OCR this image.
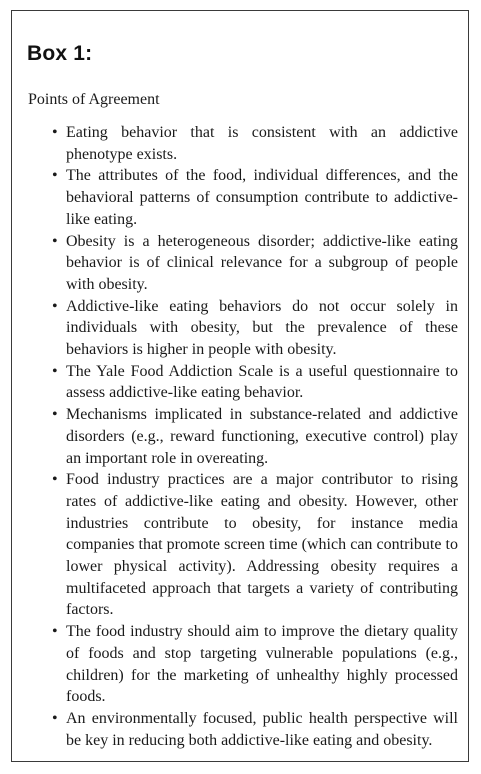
Box 1:

Points of Agreement

• Eating behavior that is consistent with an addictive phenotype exists.
• The attributes of the food, individual differences, and the behavioral patterns of consumption contribute to addictive-like eating.
• Obesity is a heterogeneous disorder; addictive-like eating behavior is of clinical relevance for a subgroup of people with obesity.
• Addictive-like eating behaviors do not occur solely in individuals with obesity, but the prevalence of these behaviors is higher in people with obesity.
• The Yale Food Addiction Scale is a useful questionnaire to assess addictive-like eating behavior.
• Mechanisms implicated in substance-related and addictive disorders (e.g., reward functioning, executive control) play an important role in overeating.
• Food industry practices are a major contributor to rising rates of addictive-like eating and obesity. However, other industries contribute to obesity, for instance media companies that promote screen time (which can contribute to lower physical activity). Addressing obesity requires a multifaceted approach that targets a variety of contributing factors.
• The food industry should aim to improve the dietary quality of foods and stop targeting vulnerable populations (e.g., children) for the marketing of unhealthy highly processed foods.
• An environmentally focused, public health perspective will be key in reducing both addictive-like eating and obesity.
